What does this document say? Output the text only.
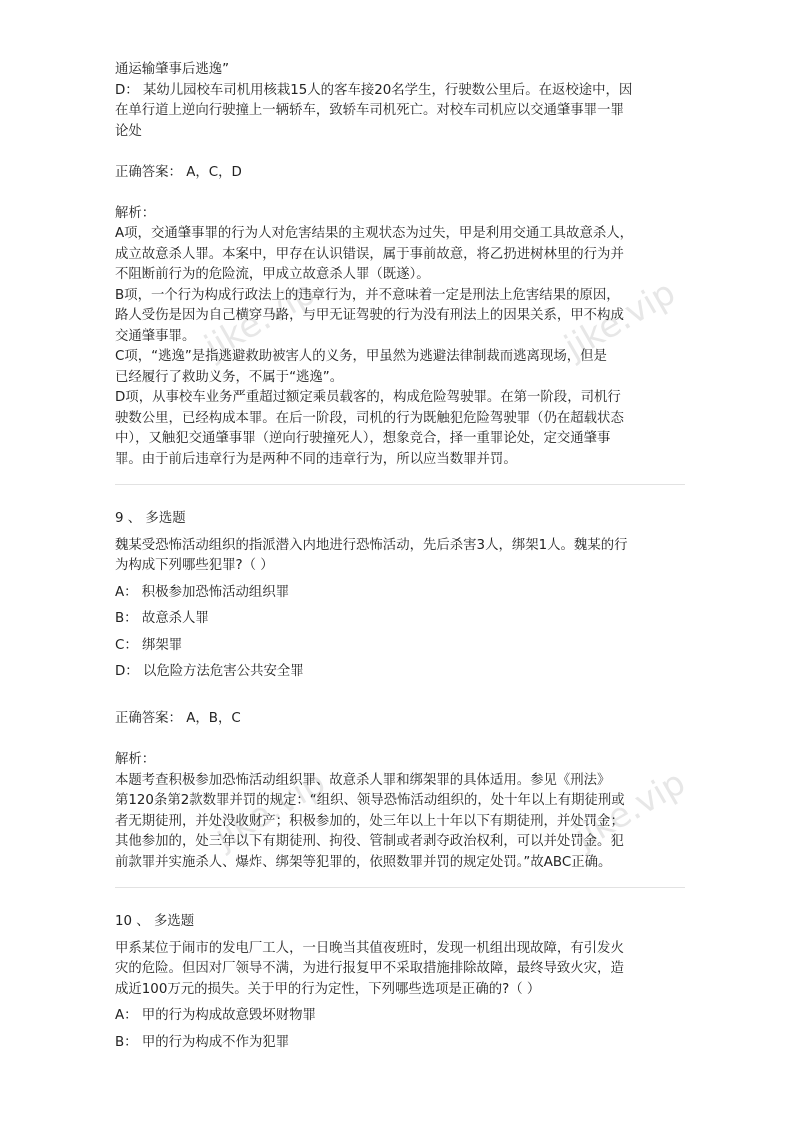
jike.vip	jike.vip
jike.vip	jike.vip
通运输肇事后逃逸”
D： 某幼儿园校车司机用核栽15人的客车接20名学生，行驶数公里后。在返校途中，因
在单行道上逆向行驶撞上一辆轿车，致轿车司机死亡。对校车司机应以交通肇事罪一罪
论处
正确答案： A，C，D
解析：
A项，交通肇事罪的行为人对危害结果的主观状态为过失，甲是利用交通工具故意杀人，
成立故意杀人罪。本案中，甲存在认识错误，属于事前故意，将乙扔进树林里的行为并
不阻断前行为的危险流，甲成立故意杀人罪（既遂）。
B项，一个行为构成行政法上的违章行为，并不意味着一定是刑法上危害结果的原因，
路人受伤是因为自己横穿马路，与甲无证驾驶的行为没有刑法上的因果关系，甲不构成
交通肇事罪。
C项，“逃逸”是指逃避救助被害人的义务，甲虽然为逃避法律制裁而逃离现场，但是
已经履行了救助义务，不属于“逃逸”。
D项，从事校车业务严重超过额定乘员载客的，构成危险驾驶罪。在第一阶段，司机行
驶数公里，已经构成本罪。在后一阶段，司机的行为既触犯危险驾驶罪（仍在超载状态
中），又触犯交通肇事罪（逆向行驶撞死人），想象竞合，择一重罪论处，定交通肇事
罪。由于前后违章行为是两种不同的违章行为，所以应当数罪并罚。
9 、 多选题
魏某受恐怖活动组织的指派潜入内地进行恐怖活动，先后杀害3人，绑架1人。魏某的行
为构成下列哪些犯罪?（ ）
A： 积极参加恐怖活动组织罪
B： 故意杀人罪
C： 绑架罪
D： 以危险方法危害公共安全罪
正确答案： A，B，C
解析：
本题考查积极参加恐怖活动组织罪、故意杀人罪和绑架罪的具体适用。参见《刑法》
第120条第2款数罪并罚的规定：“组织、领导恐怖活动组织的，处十年以上有期徒刑或
者无期徒刑，并处没收财产；积极参加的，处三年以上十年以下有期徒刑，并处罚金；
其他参加的，处三年以下有期徒刑、拘役、管制或者剥夺政治权利，可以并处罚金。犯
前款罪并实施杀人、爆炸、绑架等犯罪的，依照数罪并罚的规定处罚。”故ABC正确。
10 、 多选题
甲系某位于闹市的发电厂工人，一日晚当其值夜班时，发现一机组出现故障，有引发火
灾的危险。但因对厂领导不满，为进行报复甲不采取措施排除故障，最终导致火灾，造
成近100万元的损失。关于甲的行为定性，下列哪些选项是正确的?（ ）
A： 甲的行为构成故意毁坏财物罪
B： 甲的行为构成不作为犯罪
